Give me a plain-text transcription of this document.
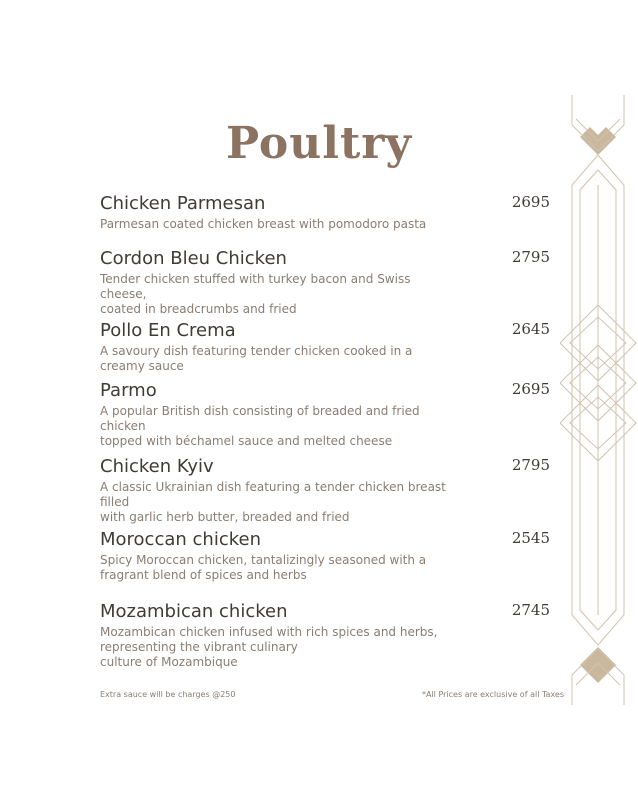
Poultry
Chicken Parmesan
Parmesan coated chicken breast with pomodoro pasta
2695
Cordon Bleu Chicken
Tender chicken stuffed with turkey bacon and Swiss cheese,
coated in breadcrumbs and fried
2795
Pollo En Crema
A savoury dish featuring tender chicken cooked in a creamy sauce
2645
Parmo
A popular British dish consisting of breaded and fried chicken
topped with béchamel sauce and melted cheese
2695
Chicken Kyiv
A classic Ukrainian dish featuring a tender chicken breast filled
with garlic herb butter, breaded and fried
2795
Moroccan chicken
Spicy Moroccan chicken, tantalizingly seasoned with a
fragrant blend of spices and herbs
2545
Mozambican chicken
Mozambican chicken infused with rich spices and herbs,
representing the vibrant culinary
culture of Mozambique
2745
Extra sauce will be charges @250	*All Prices are exclusive of all Taxes
